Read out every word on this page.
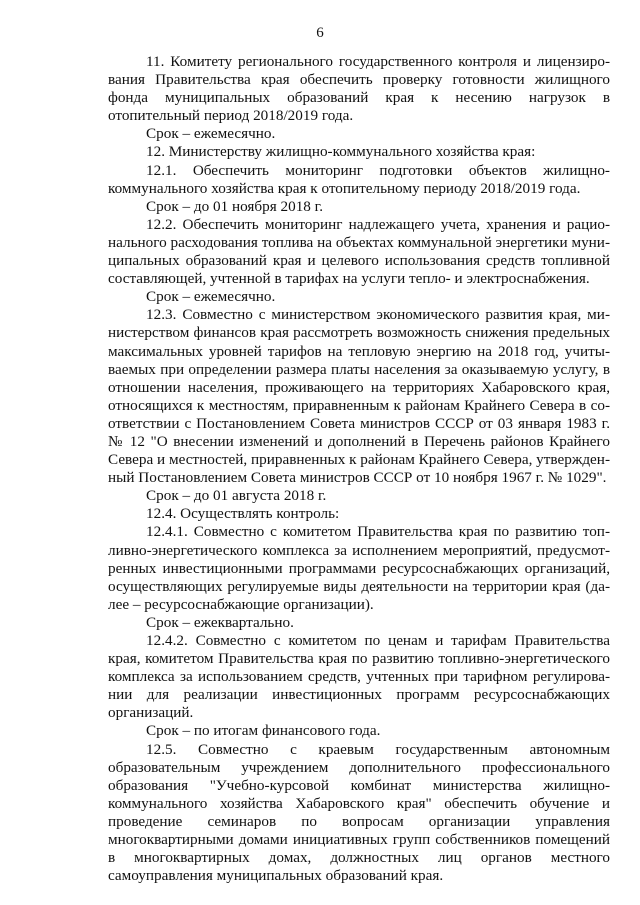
6

11. Комитету регионального государственного контроля и лицензирования Правительства края обеспечить проверку готовности жилищного фонда муниципальных образований края к несению нагрузок в отопительный период 2018/2019 года.

Срок – ежемесячно.

12. Министерству жилищно-коммунального хозяйства края:

12.1. Обеспечить мониторинг подготовки объектов жилищно-коммунального хозяйства края к отопительному периоду 2018/2019 года.

Срок – до 01 ноября 2018 г.

12.2. Обеспечить мониторинг надлежащего учета, хранения и рационального расходования топлива на объектах коммунальной энергетики муниципальных образований края и целевого использования средств топливной составляющей, учтенной в тарифах на услуги тепло- и электроснабжения.

Срок – ежемесячно.

12.3. Совместно с министерством экономического развития края, министерством финансов края рассмотреть возможность снижения предельных максимальных уровней тарифов на тепловую энергию на 2018 год, учитываемых при определении размера платы населения за оказываемую услугу, в отношении населения, проживающего на территориях Хабаровского края, относящихся к местностям, приравненным к районам Крайнего Севера в соответствии с Постановлением Совета министров СССР от 03 января 1983 г. № 12 "О внесении изменений и дополнений в Перечень районов Крайнего Севера и местностей, приравненных к районам Крайнего Севера, утвержденный Постановлением Совета министров СССР от 10 ноября 1967 г. № 1029".

Срок – до 01 августа 2018 г.

12.4. Осуществлять контроль:

12.4.1. Совместно с комитетом Правительства края по развитию топливно-энергетического комплекса за исполнением мероприятий, предусмотренных инвестиционными программами ресурсоснабжающих организаций, осуществляющих регулируемые виды деятельности на территории края (далее – ресурсоснабжающие организации).

Срок – ежеквартально.

12.4.2. Совместно с комитетом по ценам и тарифам Правительства края, комитетом Правительства края по развитию топливно-энергетического комплекса за использованием средств, учтенных при тарифном регулировании для реализации инвестиционных программ ресурсоснабжающих организаций.

Срок – по итогам финансового года.

12.5. Совместно с краевым государственным автономным образовательным учреждением дополнительного профессионального образования "Учебно-курсовой комбинат министерства жилищно-коммунального хозяйства Хабаровского края" обеспечить обучение и проведение семинаров по вопросам организации управления многоквартирными домами инициативных групп собственников помещений в многоквартирных домах, должностных лиц органов местного самоуправления муниципальных образований края.
